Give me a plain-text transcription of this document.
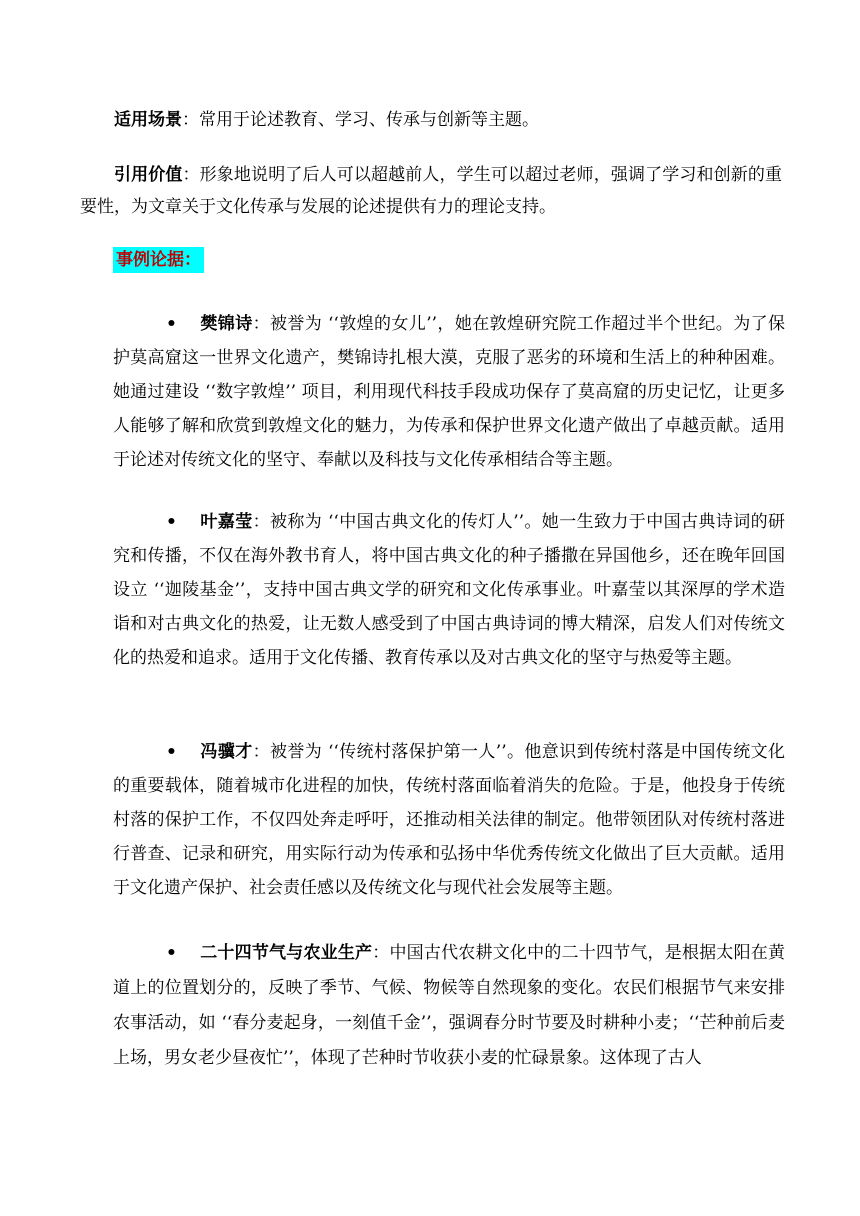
适用场景：常用于论述教育、学习、传承与创新等主题。

引用价值：形象地说明了后人可以超越前人，学生可以超过老师，强调了学习和创新的重要性，为文章关于文化传承与发展的论述提供有力的理论支持。

事例论据：

• 樊锦诗：被誉为 ‘‘敦煌的女儿’’，她在敦煌研究院工作超过半个世纪。为了保护莫高窟这一世界文化遗产，樊锦诗扎根大漠，克服了恶劣的环境和生活上的种种困难。她通过建设 ‘‘数字敦煌’’ 项目，利用现代科技手段成功保存了莫高窟的历史记忆，让更多人能够了解和欣赏到敦煌文化的魅力，为传承和保护世界文化遗产做出了卓越贡献。适用于论述对传统文化的坚守、奉献以及科技与文化传承相结合等主题。

• 叶嘉莹：被称为 ‘‘中国古典文化的传灯人’’。她一生致力于中国古典诗词的研究和传播，不仅在海外教书育人，将中国古典文化的种子播撒在异国他乡，还在晚年回国设立 ‘‘迦陵基金’’，支持中国古典文学的研究和文化传承事业。叶嘉莹以其深厚的学术造诣和对古典文化的热爱，让无数人感受到了中国古典诗词的博大精深，启发人们对传统文化的热爱和追求。适用于文化传播、教育传承以及对古典文化的坚守与热爱等主题。

• 冯骥才：被誉为 ‘‘传统村落保护第一人’’。他意识到传统村落是中国传统文化的重要载体，随着城市化进程的加快，传统村落面临着消失的危险。于是，他投身于传统村落的保护工作，不仅四处奔走呼吁，还推动相关法律的制定。他带领团队对传统村落进行普查、记录和研究，用实际行动为传承和弘扬中华优秀传统文化做出了巨大贡献。适用于文化遗产保护、社会责任感以及传统文化与现代社会发展等主题。

• 二十四节气与农业生产：中国古代农耕文化中的二十四节气，是根据太阳在黄道上的位置划分的，反映了季节、气候、物候等自然现象的变化。农民们根据节气来安排农事活动，如 ‘‘春分麦起身，一刻值千金’’，强调春分时节要及时耕种小麦；‘‘芒种前后麦上场，男女老少昼夜忙’’，体现了芒种时节收获小麦的忙碌景象。这体现了古人
